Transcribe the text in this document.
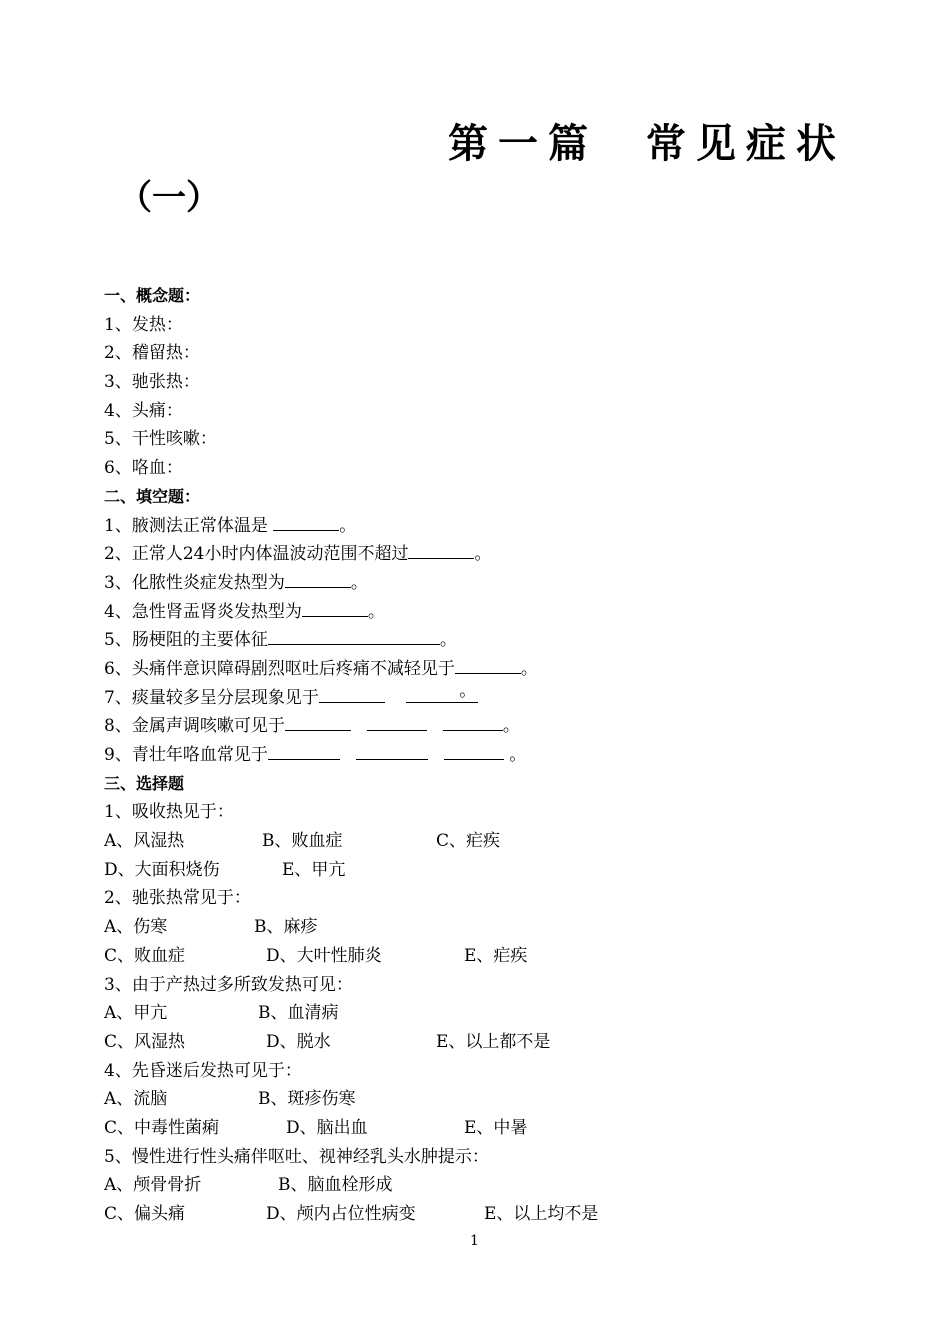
第一篇  常见症状
（一）
一、概念题：
1、发热：
2、稽留热：
3、驰张热：
4、头痛：
5、干性咳嗽：
6、咯血：
二、填空题：
1、腋测法正常体温是	。
2、正常人24小时内体温波动范围不超过	。
3、化脓性炎症发热型为	。
4、急性肾盂肾炎发热型为	。
5、肠梗阻的主要体征	。
6、头痛伴意识障碍剧烈呕吐后疼痛不减轻见于	。
7、痰量较多呈分层现象见于	。
8、金属声调咳嗽可见于	。
9、青壮年咯血常见于	。
三、选择题
1、吸收热见于：
A、风湿热	B、败血症	C、疟疾
D、大面积烧伤	E、甲亢
2、驰张热常见于：
A、伤寒	B、麻疹
C、败血症	D、大叶性肺炎	E、疟疾
3、由于产热过多所致发热可见：
A、甲亢	B、血清病
C、风湿热	D、脱水	E、以上都不是
4、先昏迷后发热可见于：
A、流脑	B、斑疹伤寒
C、中毒性菌痢	D、脑出血	E、中暑
5、慢性进行性头痛伴呕吐、视神经乳头水肿提示：
A、颅骨骨折	B、脑血栓形成
C、偏头痛	D、颅内占位性病变	E、以上均不是
1
